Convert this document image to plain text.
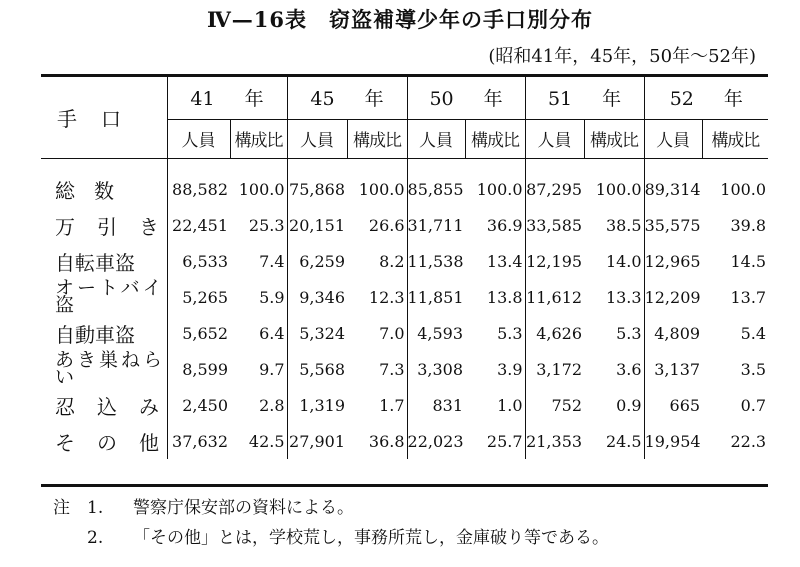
Ⅳ—16表　窃盗補導少年の手口別分布
(昭和41年，45年，50年～52年)
手口	41 年		45 年		50 年		51 年		52 年	
	人員	構成比	人員	構成比	人員	構成比	人員	構成比	人員	構成比
総数	88,582	100.0	75,868	100.0	85,855	100.0	87,295	100.0	89,314	100.0
万引き	22,451	25.3	20,151	26.6	31,711	36.9	33,585	38.5	35,575	39.8
自転車盗	6,533	7.4	6,259	8.2	11,538	13.4	12,195	14.0	12,965	14.5
オートバイ盗	5,265	5.9	9,346	12.3	11,851	13.8	11,612	13.3	12,209	13.7
自動車盗	5,652	6.4	5,324	7.0	4,593	5.3	4,626	5.3	4,809	5.4
あき巣ねらい	8,599	9.7	5,568	7.3	3,308	3.9	3,172	3.6	3,137	3.5
忍込み	2,450	2.8	1,319	1.7	831	1.0	752	0.9	665	0.7
その他	37,632	42.5	27,901	36.8	22,023	25.7	21,353	24.5	19,954	22.3
注 1. 警察庁保安部の資料による。
2. 「その他」とは，学校荒し，事務所荒し，金庫破り等である。
